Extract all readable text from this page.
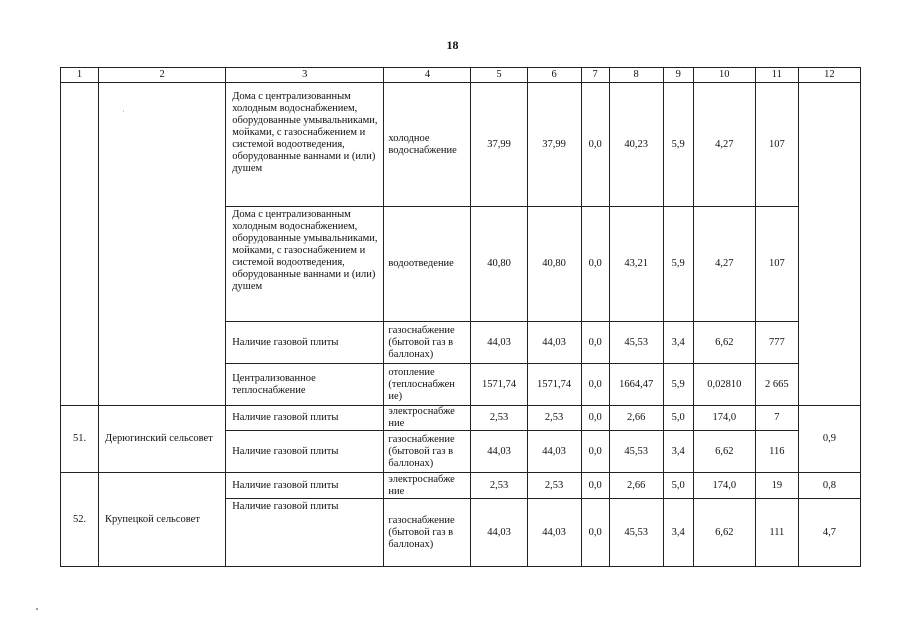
18
·
1	2	3	4	5	6	7	8	9	10	11	12
		Дома с централизованным холодным водоснабжением, оборудованные умывальниками, мойками, с газоснабжением и системой водоотведения, оборудованные ваннами и (или) душем	холодное водоснабжение	37,99	37,99	0,0	40,23	5,9	4,27	107	
		Дома с централизованным холодным водоснабжением, оборудованные умывальниками, мойками, с газоснабжением и системой водоотведения, оборудованные ваннами и (или) душем	водоотведение	40,80	40,80	0,0	43,21	5,9	4,27	107	
		Наличие газовой плиты	газоснабжение (бытовой газ в баллонах)	44,03	44,03	0,0	45,53	3,4	6,62	777	
		Централизованное теплоснабжение	отопление (теплоснабжен ие)	1571,74	1571,74	0,0	1664,47	5,9	0,02810	2 665	
51.	Дерюгинский сельсовет	Наличие газовой плиты	электроснабже ние	2,53	2,53	0,0	2,66	5,0	174,0	7	0,9
		Наличие газовой плиты	газоснабжение (бытовой газ в баллонах)	44,03	44,03	0,0	45,53	3,4	6,62	116	
52.	Крупецкой сельсовет	Наличие газовой плиты	электроснабже ние	2,53	2,53	0,0	2,66	5,0	174,0	19	0,8
		Наличие газовой плиты	газоснабжение (бытовой газ в баллонах)	44,03	44,03	0,0	45,53	3,4	6,62	111	4,7
